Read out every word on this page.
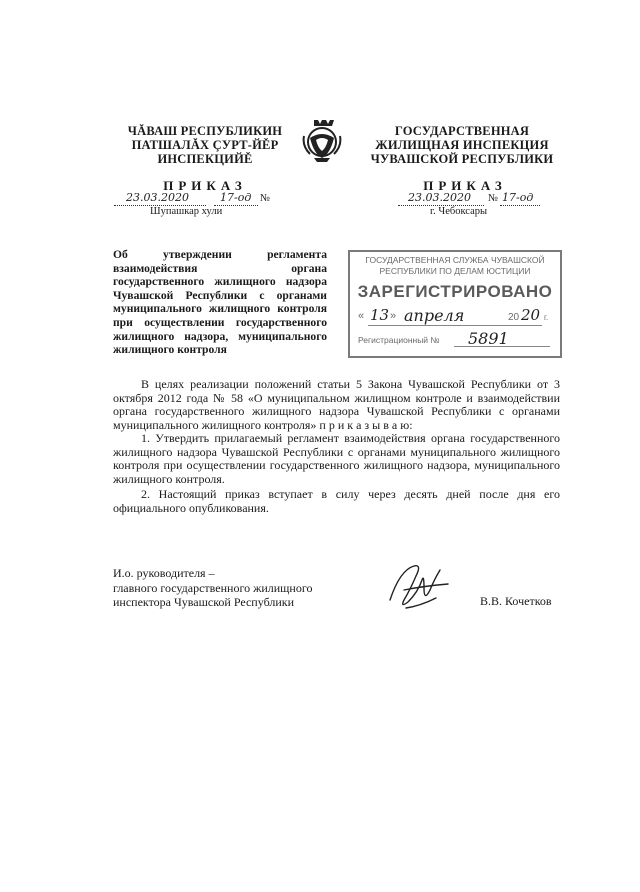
ЧĂВАШ РЕСПУБЛИКИН
ПАТШАЛĂХ ÇУРТ-ЙĚР
ИНСПЕКЦИЙĚ
ПРИКАЗ
23.03.2020	17-од №
Шупашкар хули
ГОСУДАРСТВЕННАЯ
ЖИЛИЩНАЯ ИНСПЕКЦИЯ
ЧУВАШСКОЙ РЕСПУБЛИКИ
ПРИКАЗ
23.03.2020 № 17-од
г. Чебоксары
Об утверждении регламента взаимодействия органа государственного жилищного надзора Чувашской Республики с органами муниципального жилищного контроля при осуществлении государственного жилищного надзора, муниципального жилищного контроля
ГОСУДАРСТВЕННАЯ СЛУЖБА ЧУВАШСКОЙ
РЕСПУБЛИКИ ПО ДЕЛАМ ЮСТИЦИИ
ЗАРЕГИСТРИРОВАНО
« 13 » апреля	20 20 г.
Регистрационный № 5891

В целях реализации положений статьи 5 Закона Чувашской Республики от 3 октября 2012 года № 58 «О муниципальном жилищном контроле и взаимодействии органа государственного жилищного надзора Чувашской Республики с органами муниципального жилищного контроля» п р и к а з ы в а ю:

1. Утвердить прилагаемый регламент взаимодействия органа государственного жилищного надзора Чувашской Республики с органами муниципального жилищного контроля при осуществлении государственного жилищного надзора, муниципального жилищного контроля.

2. Настоящий приказ вступает в силу через десять дней после дня его официального опубликования.

И.о. руководителя –
главного государственного жилищного
инспектора Чувашской Республики	В.В. Кочетков
